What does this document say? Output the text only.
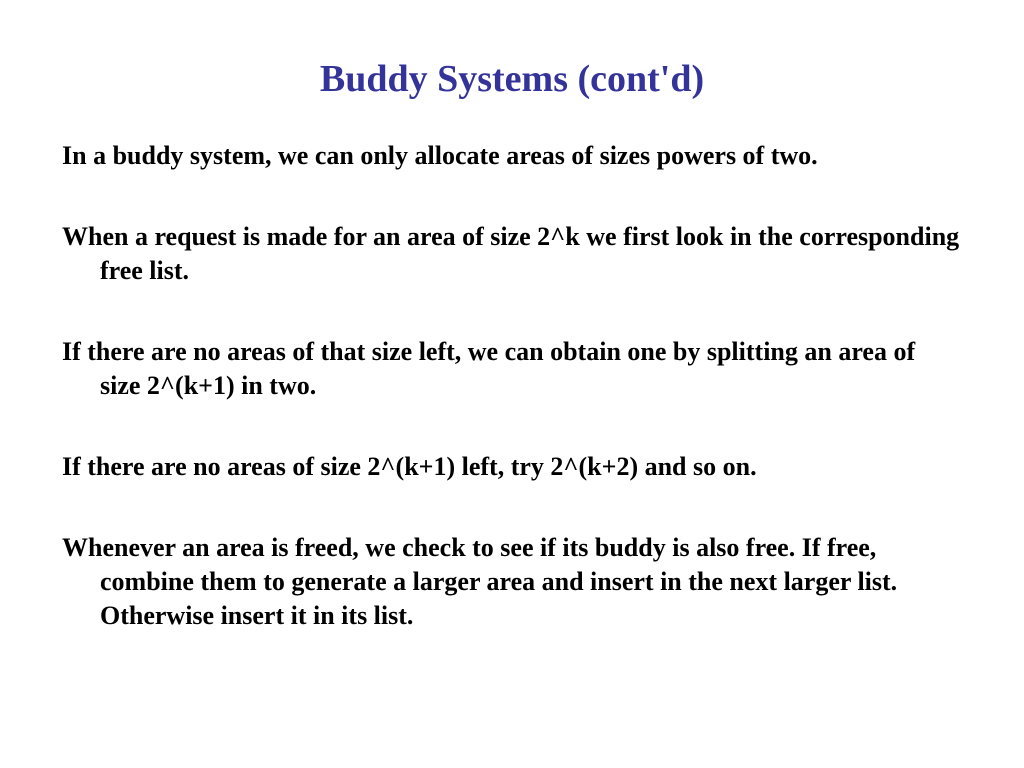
Buddy Systems (cont'd)
In a buddy system, we can only allocate areas of sizes powers of two.
When a request is made for an area of size 2^k we first look in the corresponding free list.
If there are no areas of that size left, we can obtain one by splitting an area of size 2^(k+1) in two.
If there are no areas of size 2^(k+1) left, try 2^(k+2) and so on.
Whenever an area is freed, we check to see if its buddy is also free. If free, combine them to generate a larger area and insert in the next larger list. Otherwise insert it in its list.
